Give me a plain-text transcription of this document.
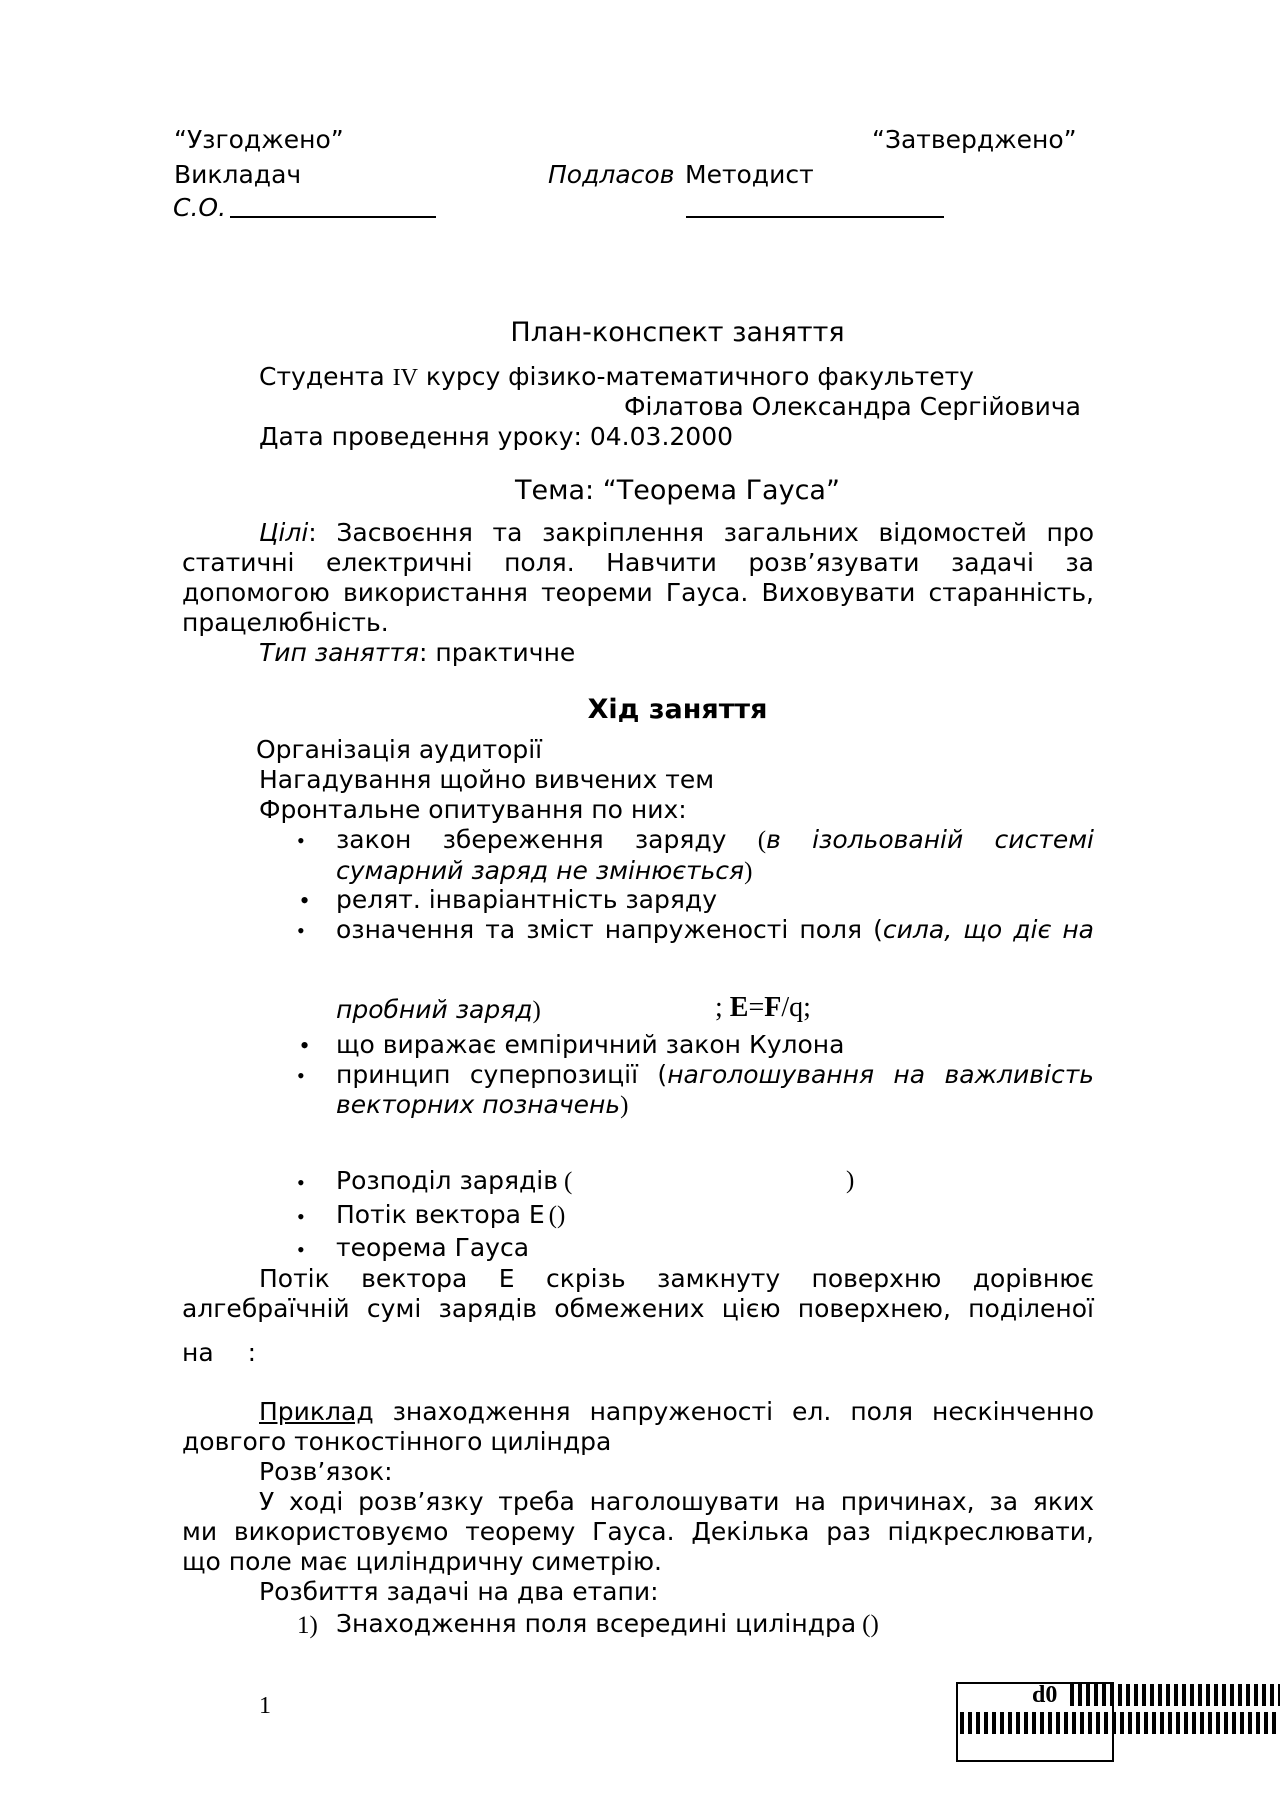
“Узгоджено”	“Затверджено”
Викладач	Подласов Методист
С.О.
План-конспект заняття
Студента IV курсу фізико-математичного факультету
Філатова Олександра Сергійовича
Дата проведення уроку: 04.03.2000
Тема: “Теорема Гауса”
Цілі: Засвоєння та закріплення загальних відомостей про
статичні електричні поля. Навчити розв’язувати задачі за
допомогою використання теореми Гауса. Виховувати старанність,
працелюбність.
Тип заняття: практичне
Хід заняття
Організація аудиторії
Нагадування щойно вивчених тем
Фронтальне опитування по них:
• закон збереження заряду (в ізольованій системі
сумарний заряд не змінюється)
• релят. інваріантність заряду
• означення та зміст напруженості поля (сила, що діє на
пробний заряд)	; E=F/q;
• що виражає емпіричний закон Кулона
• принцип суперпозиції (наголошування на важливість
векторних позначень)
• Розподіл зарядів (	)
• Потік вектора E ()
• теорема Гауса
Потік вектора E скрізь замкнуту поверхню дорівнює
алгебраїчній сумі зарядів обмежених цією поверхнею, поділеної
на :
Приклад знаходження напруженості ел. поля нескінченно
довгого тонкостінного циліндра
Розв’язок:
У ході розв’язку треба наголошувати на причинах, за яких
ми використовуємо теорему Гауса. Декілька раз підкреслювати,
що поле має циліндричну симетрію.
Розбиття задачі на два етапи:
1) Знаходження поля всередині циліндра ()
1	d0
